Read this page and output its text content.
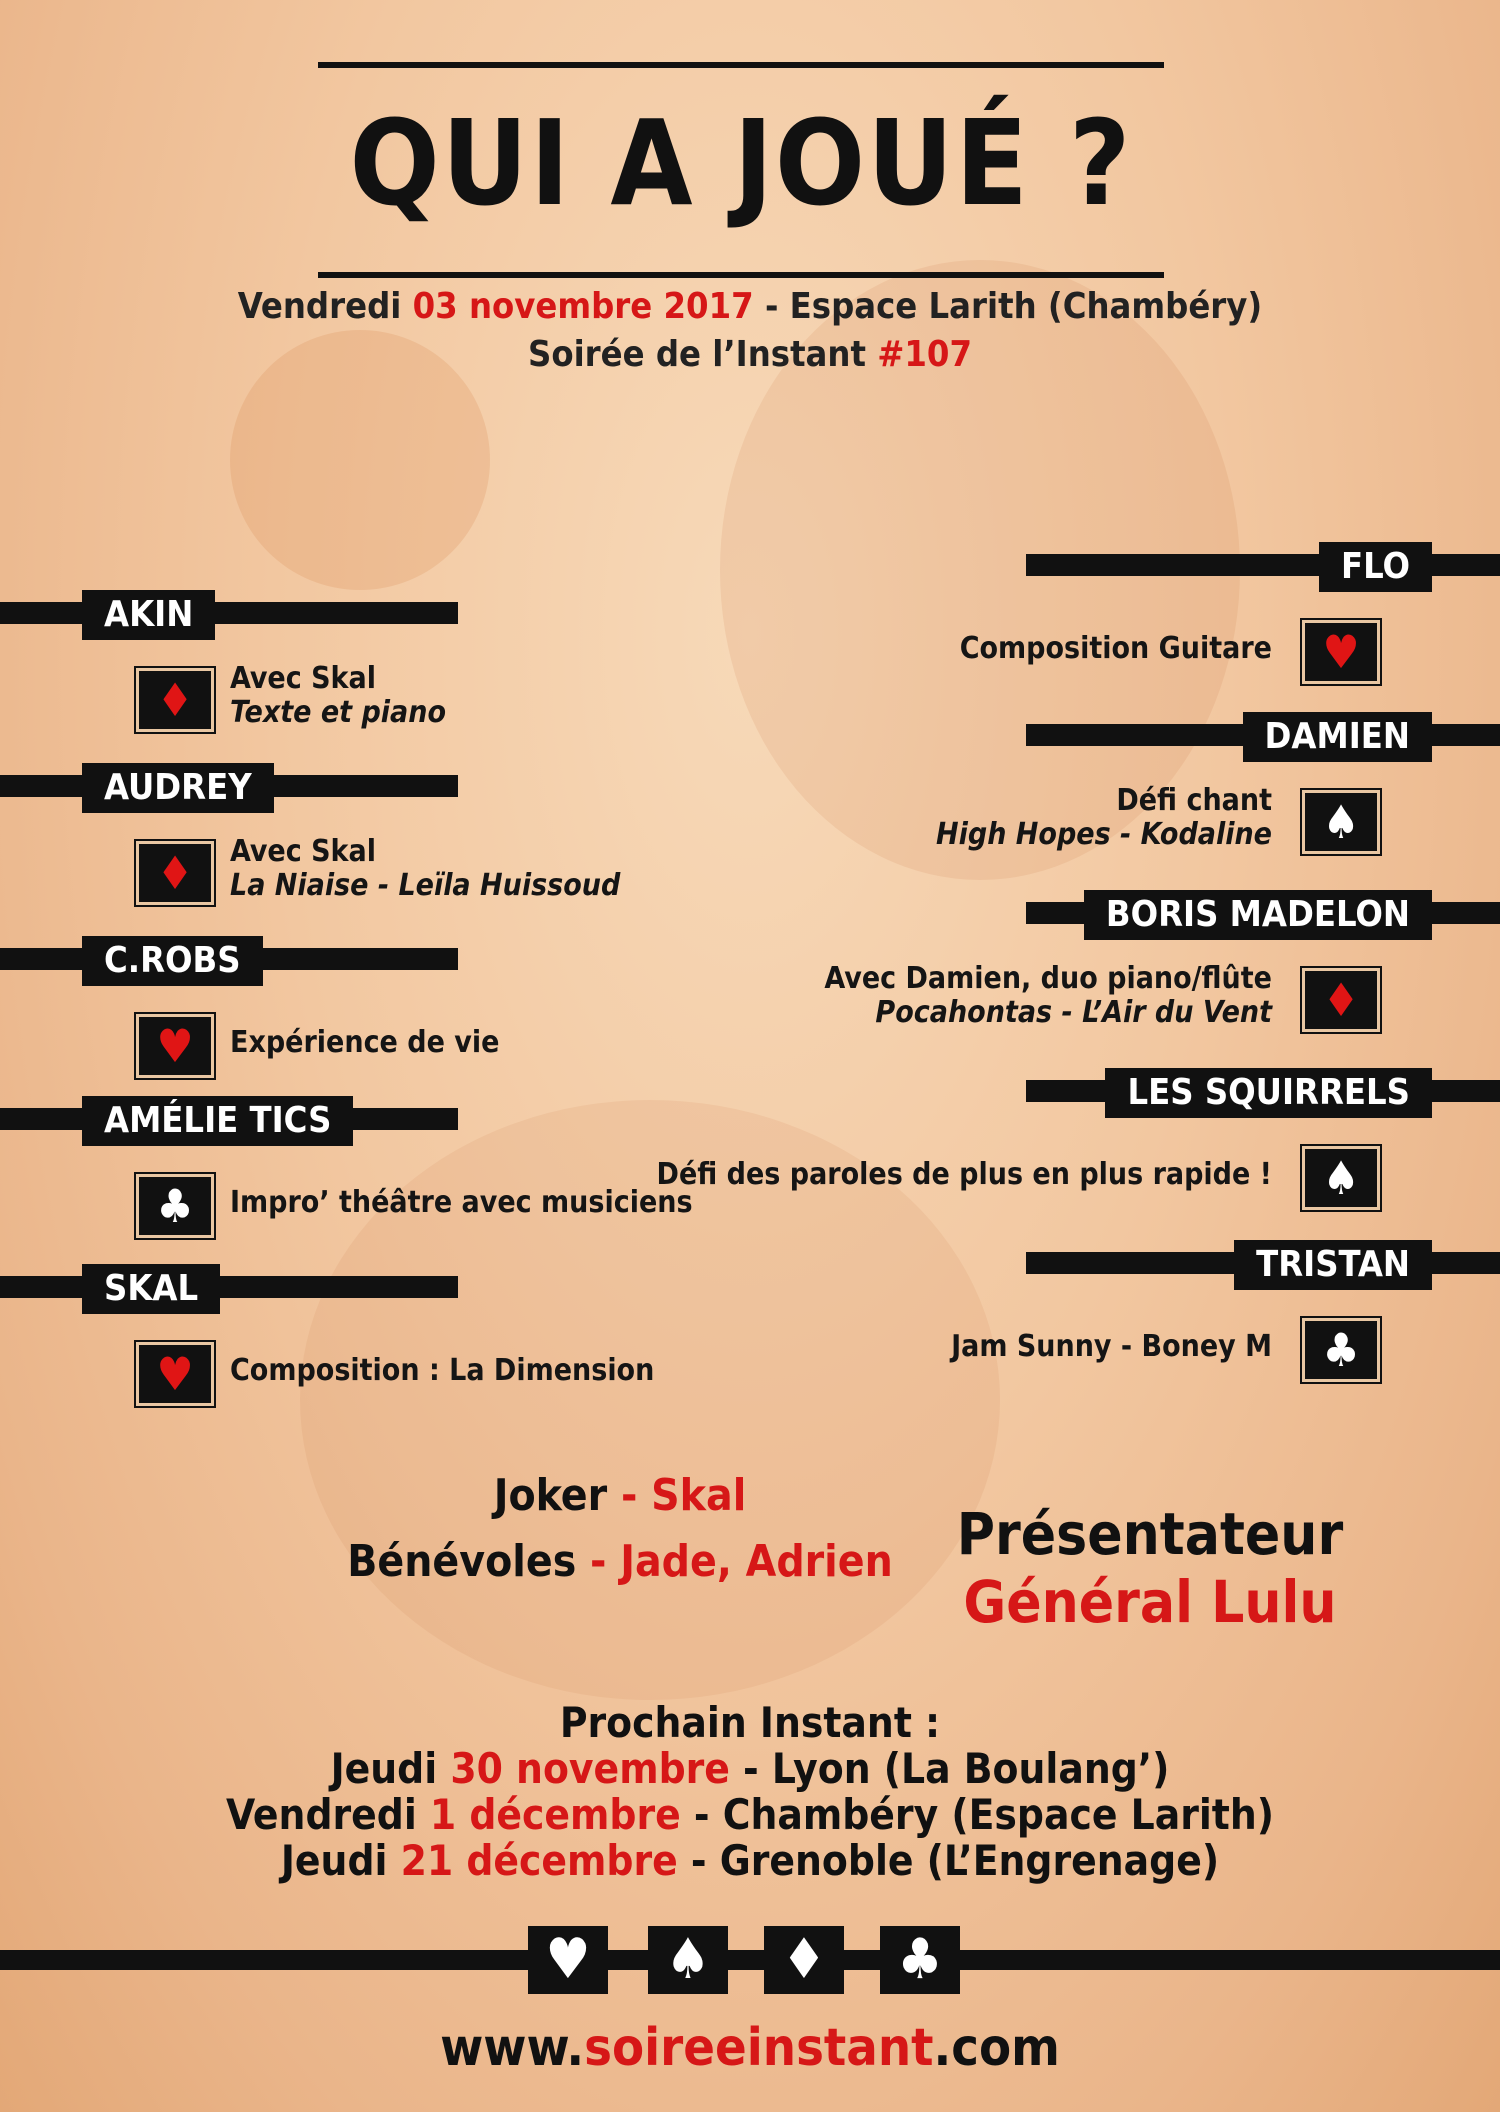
QUI A JOUÉ ?
Vendredi 03 novembre 2017 - Espace Larith (Chambéry)
Soirée de l’Instant #107
AKIN
♦	Avec Skal
Texte et piano
AUDREY
♦	Avec Skal
La Niaise - Leïla Huissoud
C.ROBS
♥	Expérience de vie
AMÉLIE TICS
♣	Impro’ théâtre avec musiciens
SKAL
♥	Composition : La Dimension
FLO
♥
Composition Guitare
DAMIEN
♠
Défi chant
High Hopes - Kodaline
BORIS MADELON
♦
Avec Damien, duo piano/flûte
Pocahontas - L’Air du Vent
LES SQUIRRELS
♠
Défi des paroles de plus en plus rapide !
TRISTAN
♣
Jam Sunny - Boney M
Joker - Skal
Bénévoles - Jade, Adrien	Présentateur
Général Lulu
Prochain Instant :
Jeudi 30 novembre - Lyon (La Boulang’)
Vendredi 1 décembre - Chambéry (Espace Larith)
Jeudi 21 décembre - Grenoble (L’Engrenage)
♥	♠	♦	♣
www.soireeinstant.com
